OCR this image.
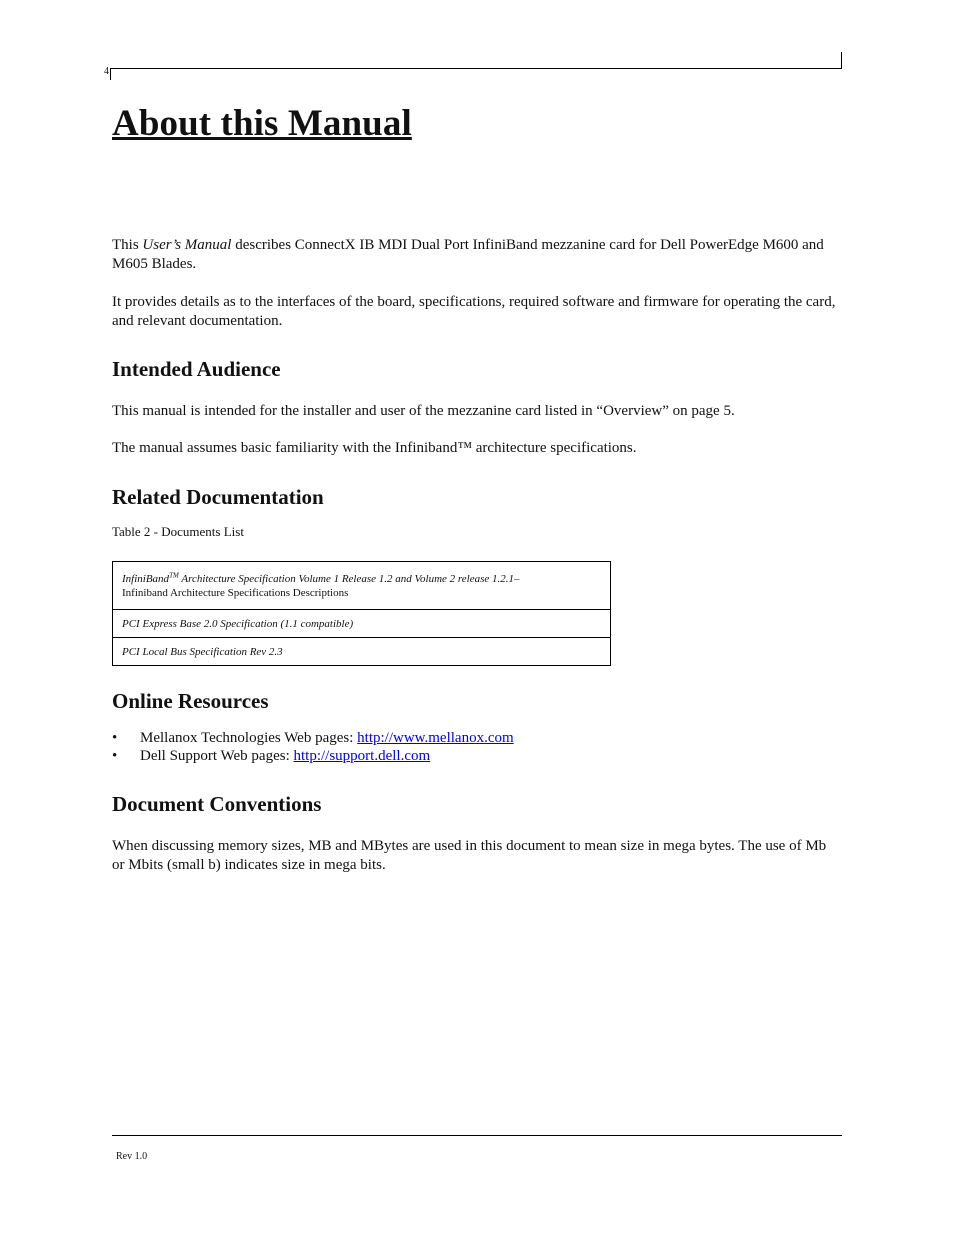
4
About this Manual

This User’s Manual describes ConnectX IB MDI Dual Port InfiniBand mezzanine card for Dell PowerEdge M600 and M605 Blades.

It provides details as to the interfaces of the board, specifications, required software and firmware for operating the card, and relevant documentation.

Intended Audience

This manual is intended for the installer and user of the mezzanine card listed in “Overview” on page 5.

The manual assumes basic familiarity with the Infiniband™ architecture specifications.

Related Documentation
Table 2 - Documents List
InfiniBand™ Architecture Specification Volume 1 Release 1.2 and Volume 2 release 1.2.1–
Infiniband Architecture Specifications Descriptions
PCI Express Base 2.0 Specification (1.1 compatible)
PCI Local Bus Specification Rev 2.3
Online Resources
• Mellanox Technologies Web pages: http://www.mellanox.com
• Dell Support Web pages: http://support.dell.com
Document Conventions

When discussing memory sizes, MB and MBytes are used in this document to mean size in mega bytes. The use of Mb or Mbits (small b) indicates size in mega bits.

Rev 1.0
